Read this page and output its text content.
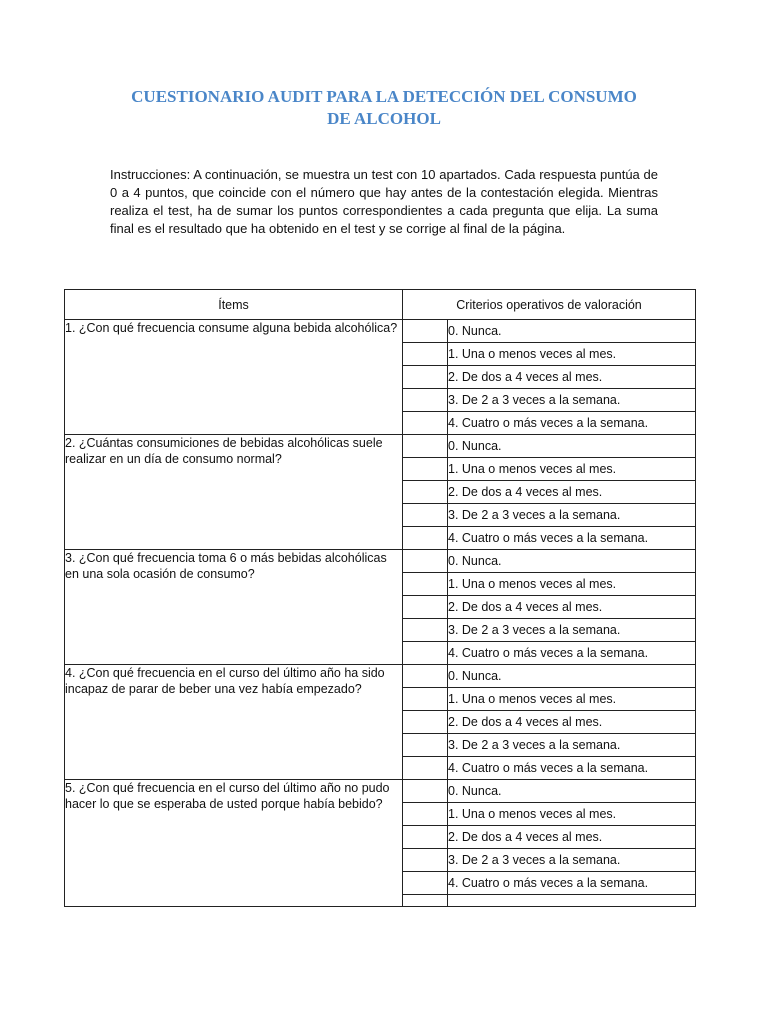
CUESTIONARIO AUDIT PARA LA DETECCIÓN DEL CONSUMO
DE ALCOHOL
Instrucciones: A continuación, se muestra un test con 10 apartados. Cada respuesta puntúa de 0 a 4 puntos, que coincide con el número que hay antes de la contestación elegida. Mientras realiza el test, ha de sumar los puntos correspondientes a cada pregunta que elija. La suma final es el resultado que ha obtenido en el test y se corrige al final de la página.
Ítems	Criterios operativos de valoración	
1. ¿Con qué frecuencia consume alguna bebida alcohólica?		0. Nunca.
		1. Una o menos veces al mes.
		2. De dos a 4 veces al mes.
		3. De 2 a 3 veces a la semana.
		4. Cuatro o más veces a la semana.
2. ¿Cuántas consumiciones de bebidas alcohólicas suele realizar en un día de consumo normal?		0. Nunca.
		1. Una o menos veces al mes.
		2. De dos a 4 veces al mes.
		3. De 2 a 3 veces a la semana.
		4. Cuatro o más veces a la semana.
3. ¿Con qué frecuencia toma 6 o más bebidas alcohólicas en una sola ocasión de consumo?		0. Nunca.
		1. Una o menos veces al mes.
		2. De dos a 4 veces al mes.
		3. De 2 a 3 veces a la semana.
		4. Cuatro o más veces a la semana.
4. ¿Con qué frecuencia en el curso del último año ha sido incapaz de parar de beber una vez había empezado?		0. Nunca.
		1. Una o menos veces al mes.
		2. De dos a 4 veces al mes.
		3. De 2 a 3 veces a la semana.
		4. Cuatro o más veces a la semana.
5. ¿Con qué frecuencia en el curso del último año no pudo hacer lo que se esperaba de usted porque había bebido?		0. Nunca.
		1. Una o menos veces al mes.
		2. De dos a 4 veces al mes.
		3. De 2 a 3 veces a la semana.
		4. Cuatro o más veces a la semana.
